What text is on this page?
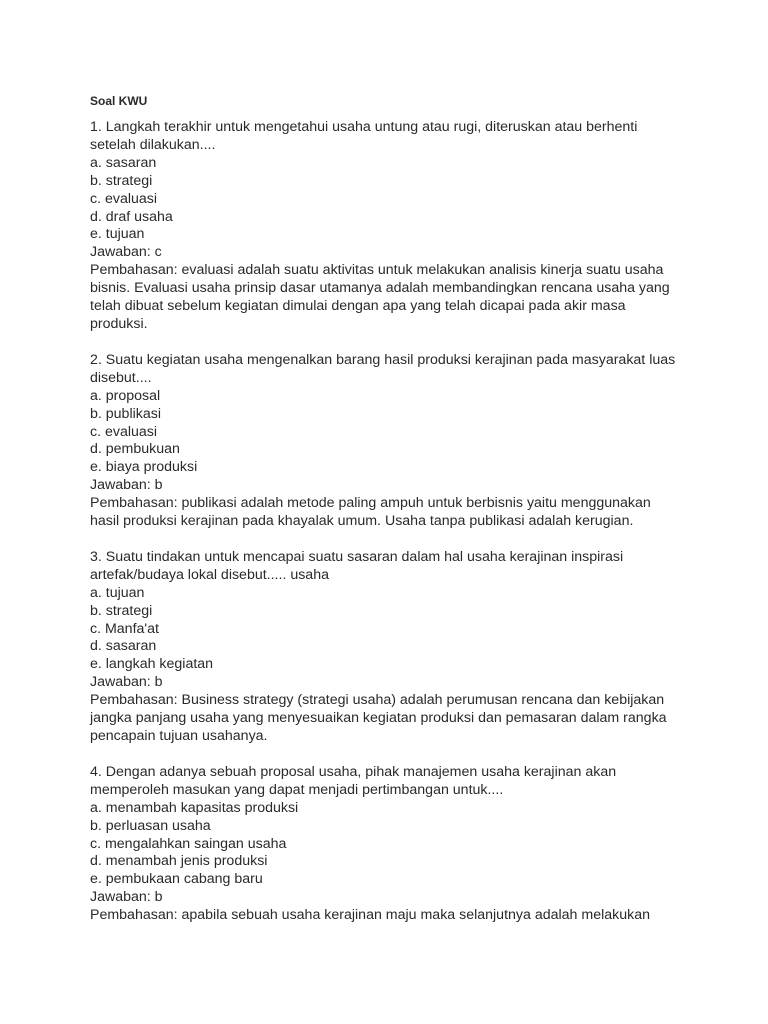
Soal KWU
1. Langkah terakhir untuk mengetahui usaha untung atau rugi, diteruskan atau berhenti
setelah dilakukan....
a. sasaran
b. strategi
c. evaluasi
d. draf usaha
e. tujuan
Jawaban: c
Pembahasan: evaluasi adalah suatu aktivitas untuk melakukan analisis kinerja suatu usaha
bisnis. Evaluasi usaha prinsip dasar utamanya adalah membandingkan rencana usaha yang
telah dibuat sebelum kegiatan dimulai dengan apa yang telah dicapai pada akir masa
produksi.
2. Suatu kegiatan usaha mengenalkan barang hasil produksi kerajinan pada masyarakat luas
disebut....
a. proposal
b. publikasi
c. evaluasi
d. pembukuan
e. biaya produksi
Jawaban: b
Pembahasan: publikasi adalah metode paling ampuh untuk berbisnis yaitu menggunakan
hasil produksi kerajinan pada khayalak umum. Usaha tanpa publikasi adalah kerugian.
3. Suatu tindakan untuk mencapai suatu sasaran dalam hal usaha kerajinan inspirasi
artefak/budaya lokal disebut..... usaha
a. tujuan
b. strategi
c. Manfa'at
d. sasaran
e. langkah kegiatan
Jawaban: b
Pembahasan: Business strategy (strategi usaha) adalah perumusan rencana dan kebijakan
jangka panjang usaha yang menyesuaikan kegiatan produksi dan pemasaran dalam rangka
pencapain tujuan usahanya.
4. Dengan adanya sebuah proposal usaha, pihak manajemen usaha kerajinan akan
memperoleh masukan yang dapat menjadi pertimbangan untuk....
a. menambah kapasitas produksi
b. perluasan usaha
c. mengalahkan saingan usaha
d. menambah jenis produksi
e. pembukaan cabang baru
Jawaban: b
Pembahasan: apabila sebuah usaha kerajinan maju maka selanjutnya adalah melakukan
